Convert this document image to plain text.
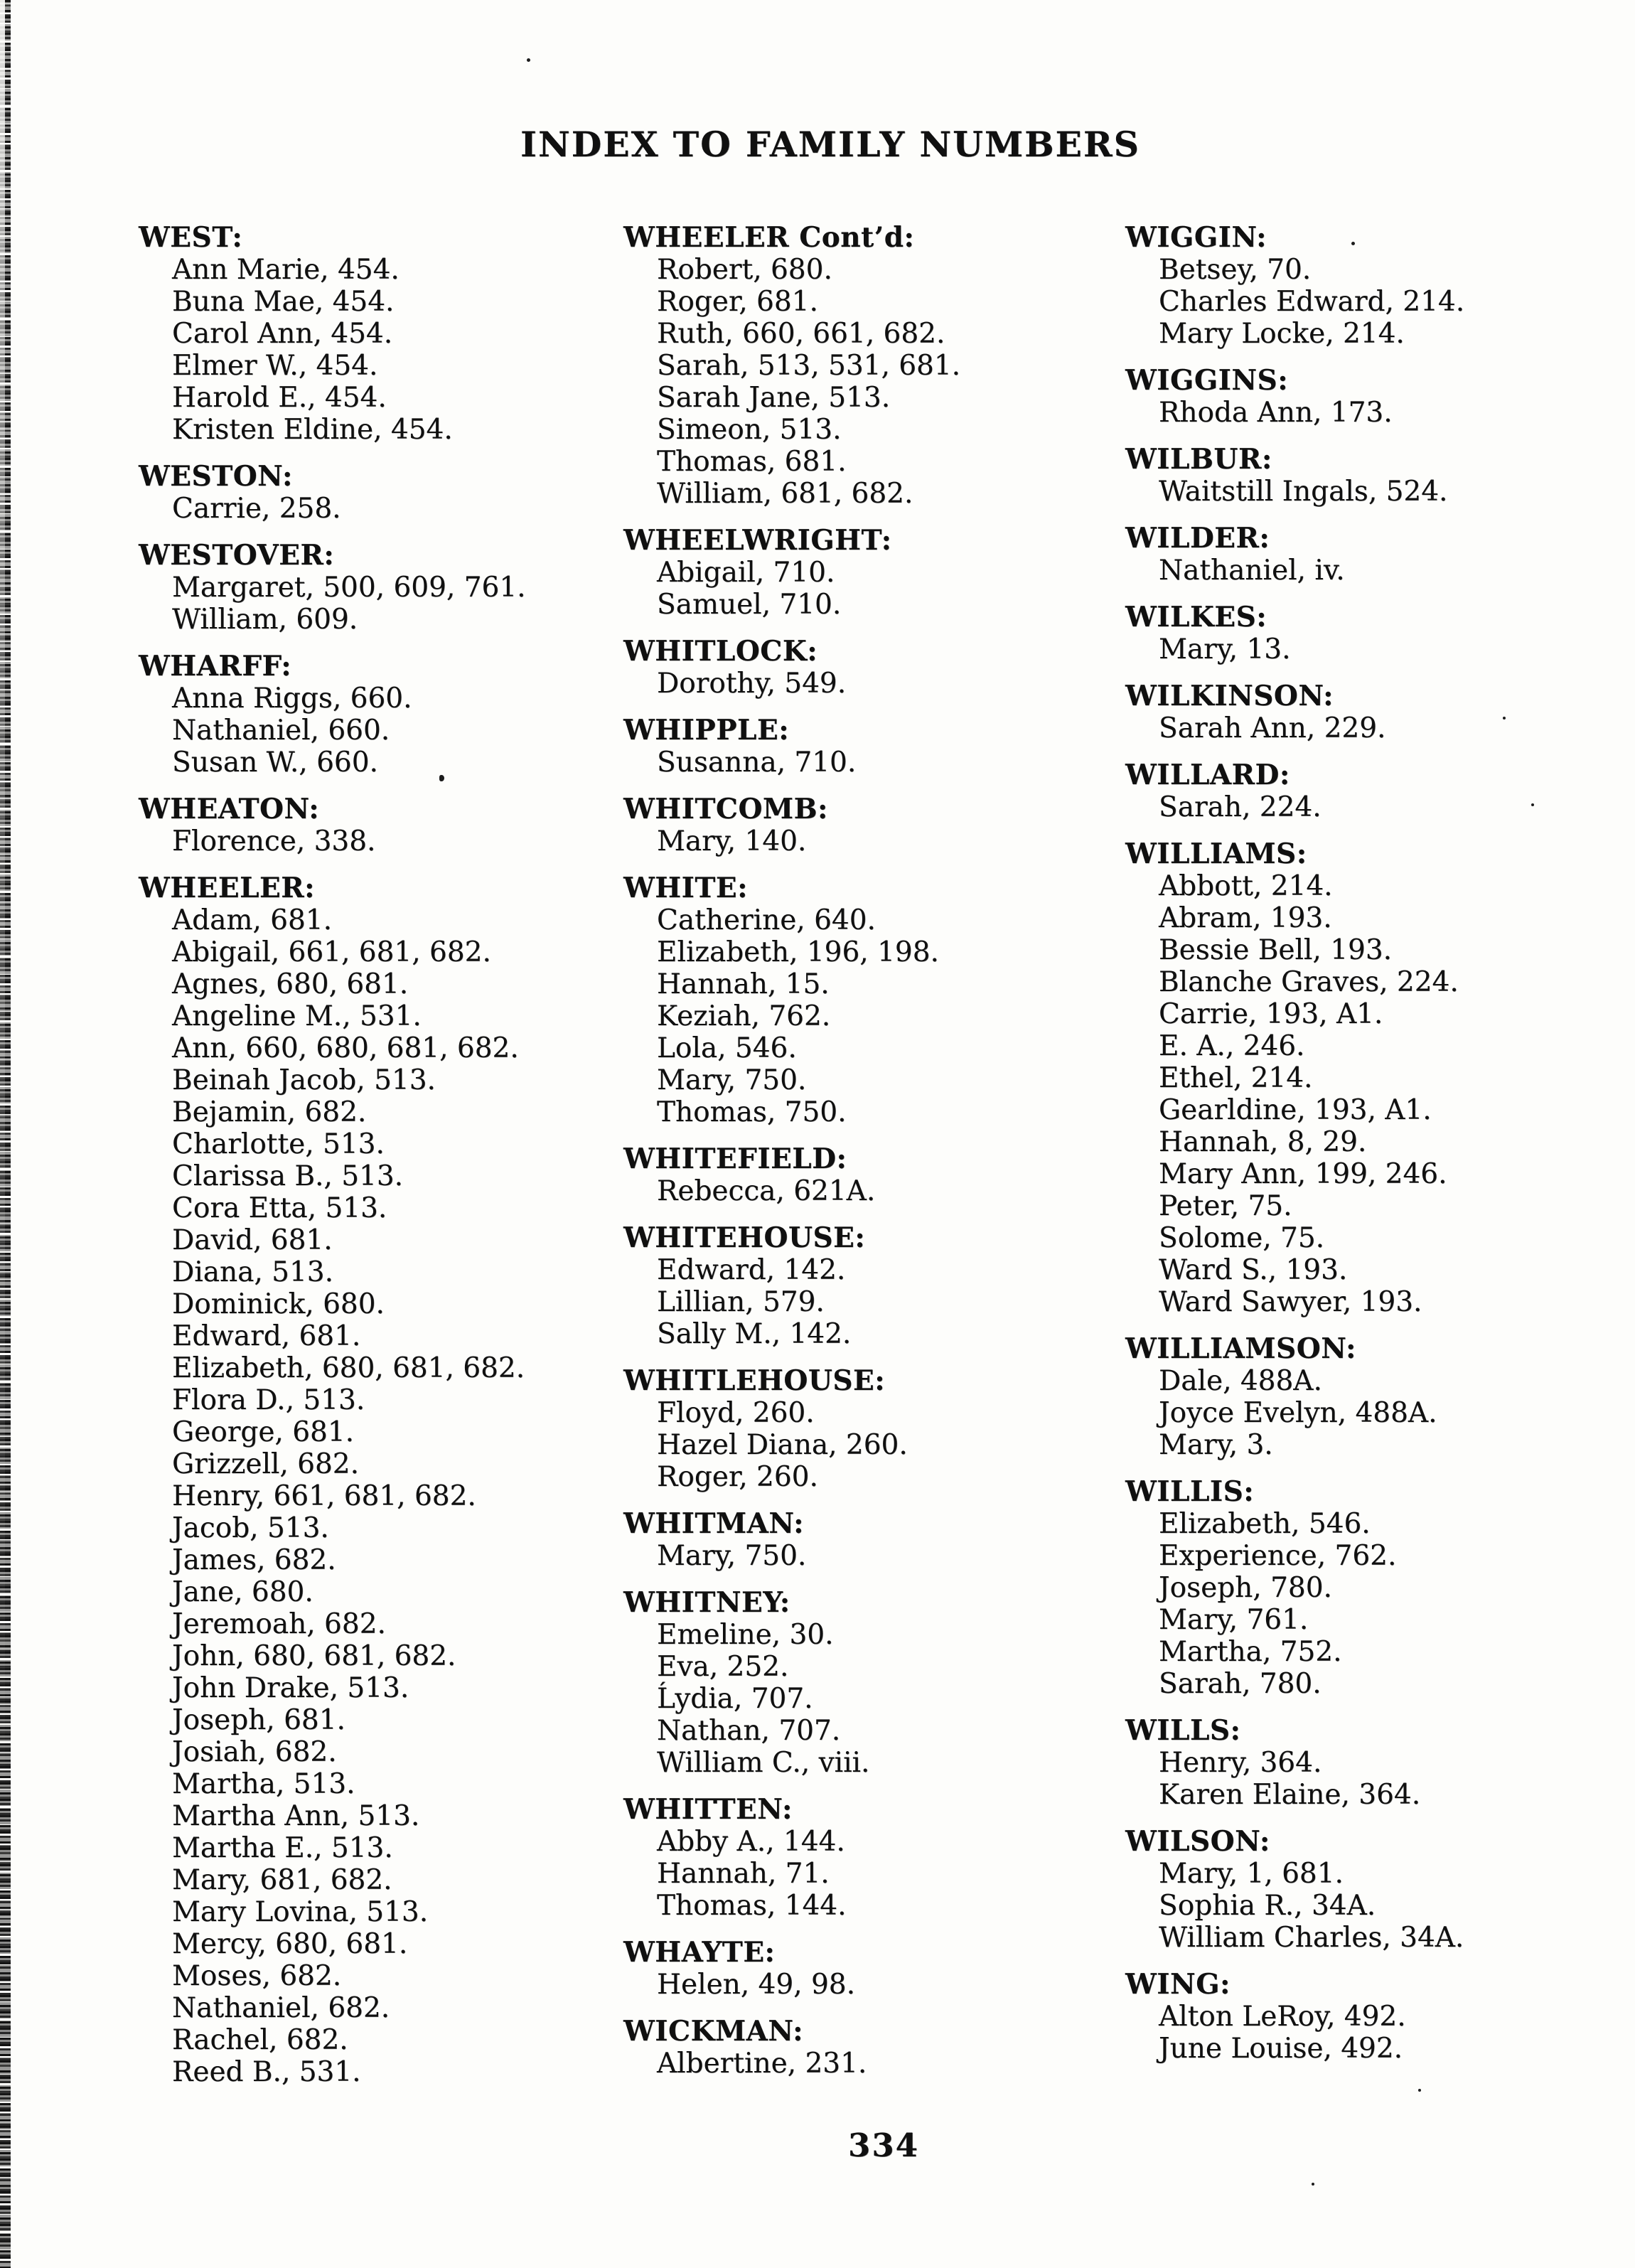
INDEX TO FAMILY NUMBERS
WEST:
Ann Marie, 454.
Buna Mae, 454.
Carol Ann, 454.
Elmer W., 454.
Harold E., 454.
Kristen Eldine, 454.
WESTON:
Carrie, 258.
WESTOVER:
Margaret, 500, 609, 761.
William, 609.
WHARFF:
Anna Riggs, 660.
Nathaniel, 660.
Susan W., 660.
WHEATON:
Florence, 338.
WHEELER:
Adam, 681.
Abigail, 661, 681, 682.
Agnes, 680, 681.
Angeline M., 531.
Ann, 660, 680, 681, 682.
Beinah Jacob, 513.
Bejamin, 682.
Charlotte, 513.
Clarissa B., 513.
Cora Etta, 513.
David, 681.
Diana, 513.
Dominick, 680.
Edward, 681.
Elizabeth, 680, 681, 682.
Flora D., 513.
George, 681.
Grizzell, 682.
Henry, 661, 681, 682.
Jacob, 513.
James, 682.
Jane, 680.
Jeremoah, 682.
John, 680, 681, 682.
John Drake, 513.
Joseph, 681.
Josiah, 682.
Martha, 513.
Martha Ann, 513.
Martha E., 513.
Mary, 681, 682.
Mary Lovina, 513.
Mercy, 680, 681.
Moses, 682.
Nathaniel, 682.
Rachel, 682.
Reed B., 531.
WHEELER Cont’d:
Robert, 680.
Roger, 681.
Ruth, 660, 661, 682.
Sarah, 513, 531, 681.
Sarah Jane, 513.
Simeon, 513.
Thomas, 681.
William, 681, 682.
WHEELWRIGHT:
Abigail, 710.
Samuel, 710.
WHITLOCK:
Dorothy, 549.
WHIPPLE:
Susanna, 710.
WHITCOMB:
Mary, 140.
WHITE:
Catherine, 640.
Elizabeth, 196, 198.
Hannah, 15.
Keziah, 762.
Lola, 546.
Mary, 750.
Thomas, 750.
WHITEFIELD:
Rebecca, 621A.
WHITEHOUSE:
Edward, 142.
Lillian, 579.
Sally M., 142.
WHITLEHOUSE:
Floyd, 260.
Hazel Diana, 260.
Roger, 260.
WHITMAN:
Mary, 750.
WHITNEY:
Emeline, 30.
Eva, 252.
Ĺydia, 707.
Nathan, 707.
William C., viii.
WHITTEN:
Abby A., 144.
Hannah, 71.
Thomas, 144.
WHAYTE:
Helen, 49, 98.
WICKMAN:
Albertine, 231.
WIGGIN:
Betsey, 70.
Charles Edward, 214.
Mary Locke, 214.
WIGGINS:
Rhoda Ann, 173.
WILBUR:
Waitstill Ingals, 524.
WILDER:
Nathaniel, iv.
WILKES:
Mary, 13.
WILKINSON:
Sarah Ann, 229.
WILLARD:
Sarah, 224.
WILLIAMS:
Abbott, 214.
Abram, 193.
Bessie Bell, 193.
Blanche Graves, 224.
Carrie, 193, A1.
E. A., 246.
Ethel, 214.
Gearldine, 193, A1.
Hannah, 8, 29.
Mary Ann, 199, 246.
Peter, 75.
Solome, 75.
Ward S., 193.
Ward Sawyer, 193.
WILLIAMSON:
Dale, 488A.
Joyce Evelyn, 488A.
Mary, 3.
WILLIS:
Elizabeth, 546.
Experience, 762.
Joseph, 780.
Mary, 761.
Martha, 752.
Sarah, 780.
WILLS:
Henry, 364.
Karen Elaine, 364.
WILSON:
Mary, 1, 681.
Sophia R., 34A.
William Charles, 34A.
WING:
Alton LeRoy, 492.
June Louise, 492.
334
